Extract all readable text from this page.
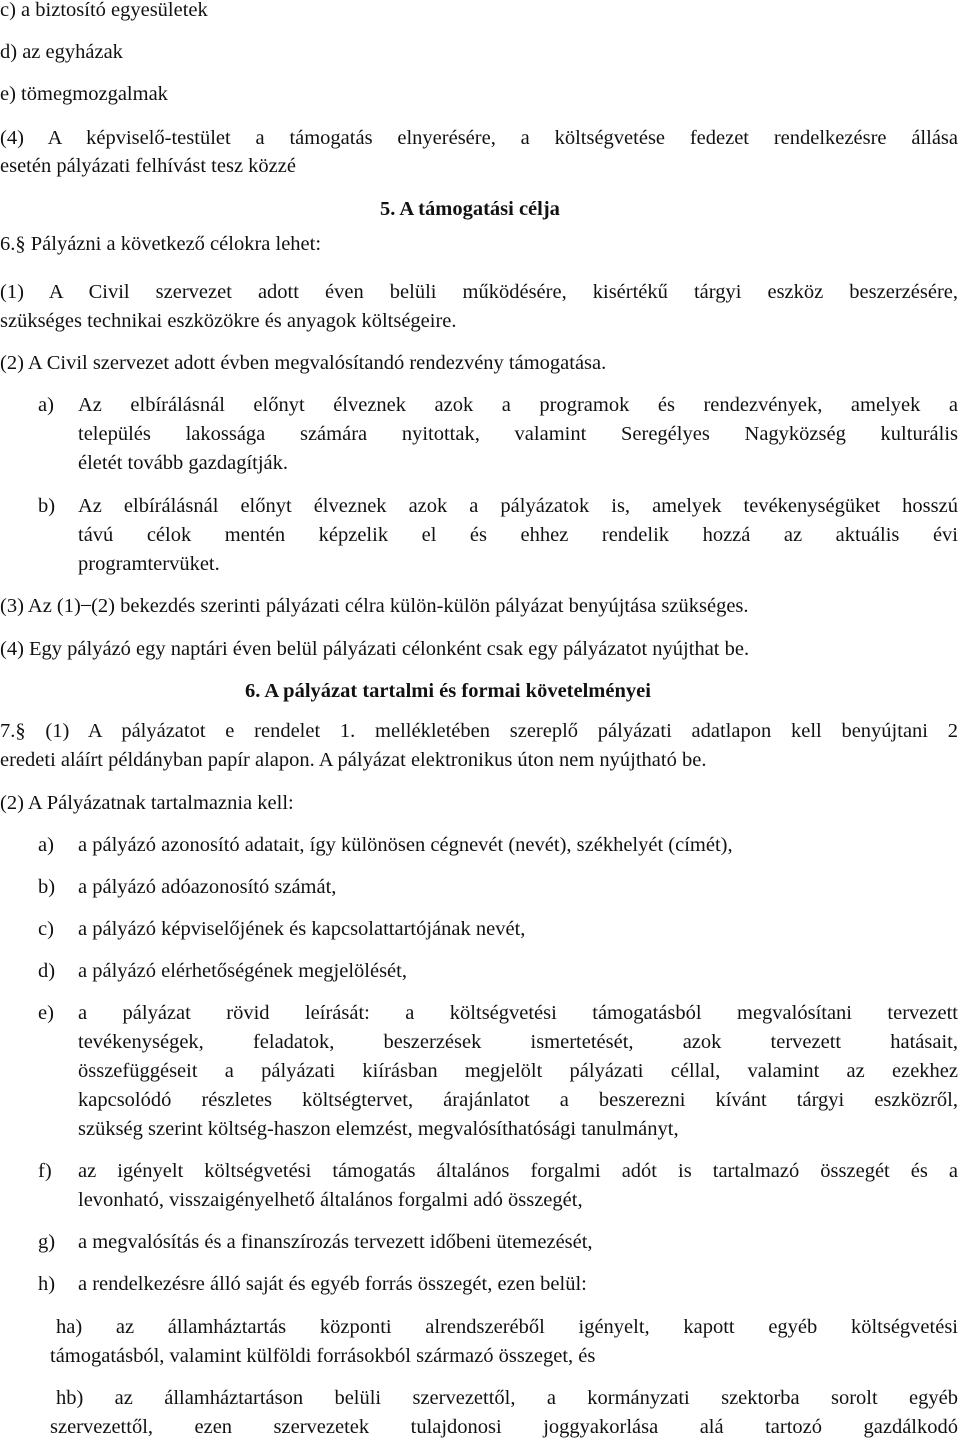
c) a biztosító egyesületek
d) az egyházak
e) tömegmozgalmak
(4) A képviselő-testület a támogatás elnyerésére, a költségvetése fedezet rendelkezésre állása
esetén pályázati felhívást tesz közzé
5. A támogatási célja
6.§ Pályázni a következő célokra lehet:
(1) A Civil szervezet adott éven belüli működésére, kisértékű tárgyi eszköz beszerzésére,
szükséges technikai eszközökre és anyagok költségeire.
(2) A Civil szervezet adott évben megvalósítandó rendezvény támogatása.
a) Az elbírálásnál előnyt élveznek azok a programok és rendezvények, amelyek a
település lakossága számára nyitottak, valamint Seregélyes Nagyközség kulturális
életét tovább gazdagítják.
b) Az elbírálásnál előnyt élveznek azok a pályázatok is, amelyek tevékenységüket hosszú
távú célok mentén képzelik el és ehhez rendelik hozzá az aktuális évi
programtervüket.
(3) Az (1) ̶ (2) bekezdés szerinti pályázati célra külön-külön pályázat benyújtása szükséges.
(4) Egy pályázó egy naptári éven belül pályázati célonként csak egy pályázatot nyújthat be.
6. A pályázat tartalmi és formai követelményei
7.§ (1) A pályázatot e rendelet 1. mellékletében szereplő pályázati adatlapon kell benyújtani 2
eredeti aláírt példányban papír alapon. A pályázat elektronikus úton nem nyújtható be.
(2) A Pályázatnak tartalmaznia kell:
a) a pályázó azonosító adatait, így különösen cégnevét (nevét), székhelyét (címét),
b) a pályázó adóazonosító számát,
c) a pályázó képviselőjének és kapcsolattartójának nevét,
d) a pályázó elérhetőségének megjelölését,
e) a pályázat rövid leírását: a költségvetési támogatásból megvalósítani tervezett
tevékenységek, feladatok, beszerzések ismertetését, azok tervezett hatásait,
összefüggéseit a pályázati kiírásban megjelölt pályázati céllal, valamint az ezekhez
kapcsolódó részletes költségtervet, árajánlatot a beszerezni kívánt tárgyi eszközről,
szükség szerint költség-haszon elemzést, megvalósíthatósági tanulmányt,
f) az igényelt költségvetési támogatás általános forgalmi adót is tartalmazó összegét és a
levonható, visszaigényelhető általános forgalmi adó összegét,
g) a megvalósítás és a finanszírozás tervezett időbeni ütemezését,
h) a rendelkezésre álló saját és egyéb forrás összegét, ezen belül:
ha) az államháztartás központi alrendszeréből igényelt, kapott egyéb költségvetési
támogatásból, valamint külföldi forrásokból származó összeget, és
hb) az államháztartáson belüli szervezettől, a kormányzati szektorba sorolt egyéb
szervezettől, ezen szervezetek tulajdonosi joggyakorlása alá tartozó gazdálkodó
